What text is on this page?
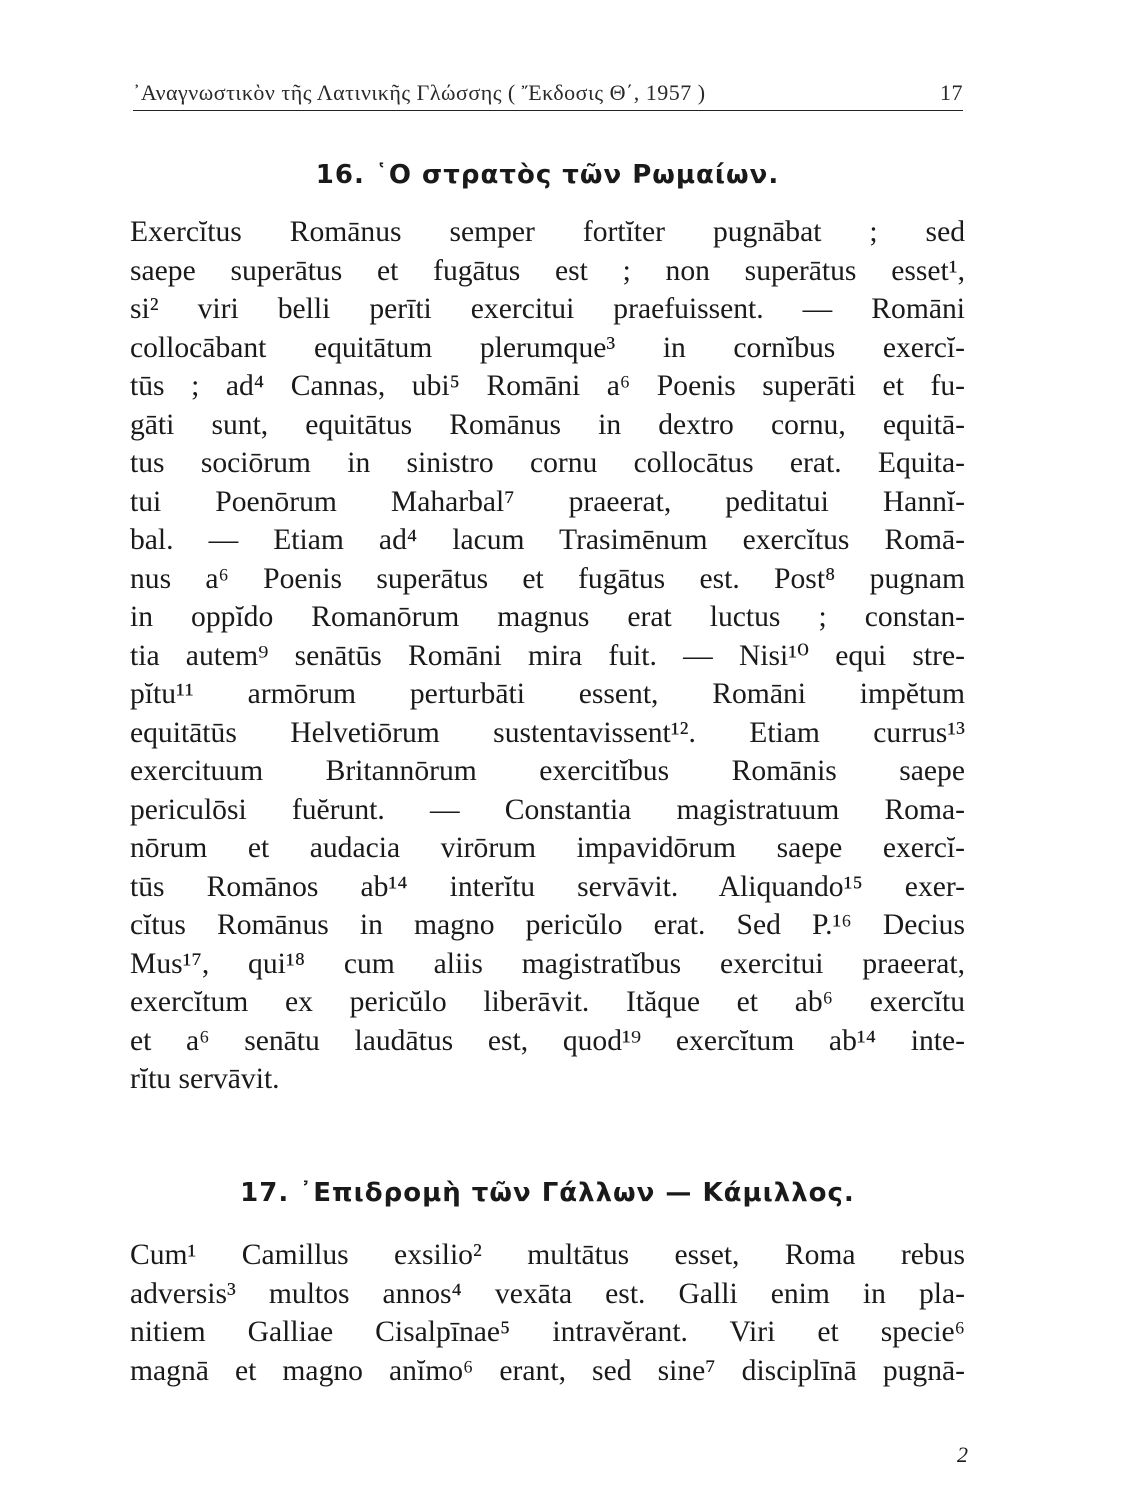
᾿Αναγνωστικὸν τῆς Λατινικῆς Γλώσσης ( Ἔκδοσις Θ΄, 1957 )	17
16. ῾Ο στρατὸς τῶν Ρωμαίων.
Exercĭtus Romānus semper fortĭter pugnābat ; sed
saepe superātus et fugātus est ; non superātus esset¹,
si² viri belli perīti exercitui praefuissent. — Romāni
collocābant equitātum plerumque³ in cornĭbus exercĭ-
tūs ; ad⁴ Cannas, ubi⁵ Romāni a⁶ Poenis superāti et fu-
gāti sunt, equitātus Romānus in dextro cornu, equitā-
tus sociōrum in sinistro cornu collocātus erat. Equita-
tui Poenōrum Maharbal⁷ praeerat, peditatui Hannĭ-
bal. — Etiam ad⁴ lacum Trasimēnum exercĭtus Romā-
nus a⁶ Poenis superātus et fugātus est. Post⁸ pugnam
in oppĭdo Romanōrum magnus erat luctus ; constan-
tia autem⁹ senātūs Romāni mira fuit. — Nisi¹⁰ equi stre-
pĭtu¹¹ armōrum perturbāti essent, Romāni impĕtum
equitātūs Helvetiōrum sustentavissent¹². Etiam currus¹³
exercituum Britannōrum exercitĭbus Romānis saepe
periculōsi fuĕrunt. — Constantia magistratuum Roma-
nōrum et audacia virōrum impavidōrum saepe exercĭ-
tūs Romānos ab¹⁴ interĭtu servāvit. Aliquando¹⁵ exer-
cĭtus Romānus in magno pericŭlo erat. Sed P.¹⁶ Decius
Mus¹⁷, qui¹⁸ cum aliis magistratĭbus exercitui praeerat,
exercĭtum ex pericŭlo liberāvit. Ităque et ab⁶ exercĭtu
et a⁶ senātu laudātus est, quod¹⁹ exercĭtum ab¹⁴ inte-
rĭtu servāvit.
17. ᾿Επιδρομὴ τῶν Γάλλων — Κάμιλλος.
Cum¹ Camillus exsilio² multātus esset, Roma rebus
adversis³ multos annos⁴ vexāta est. Galli enim in pla-
nitiem Galliae Cisalpīnae⁵ intravĕrant. Viri et specie⁶
magnā et magno anĭmo⁶ erant, sed sine⁷ disciplīnā pugnā-
2
